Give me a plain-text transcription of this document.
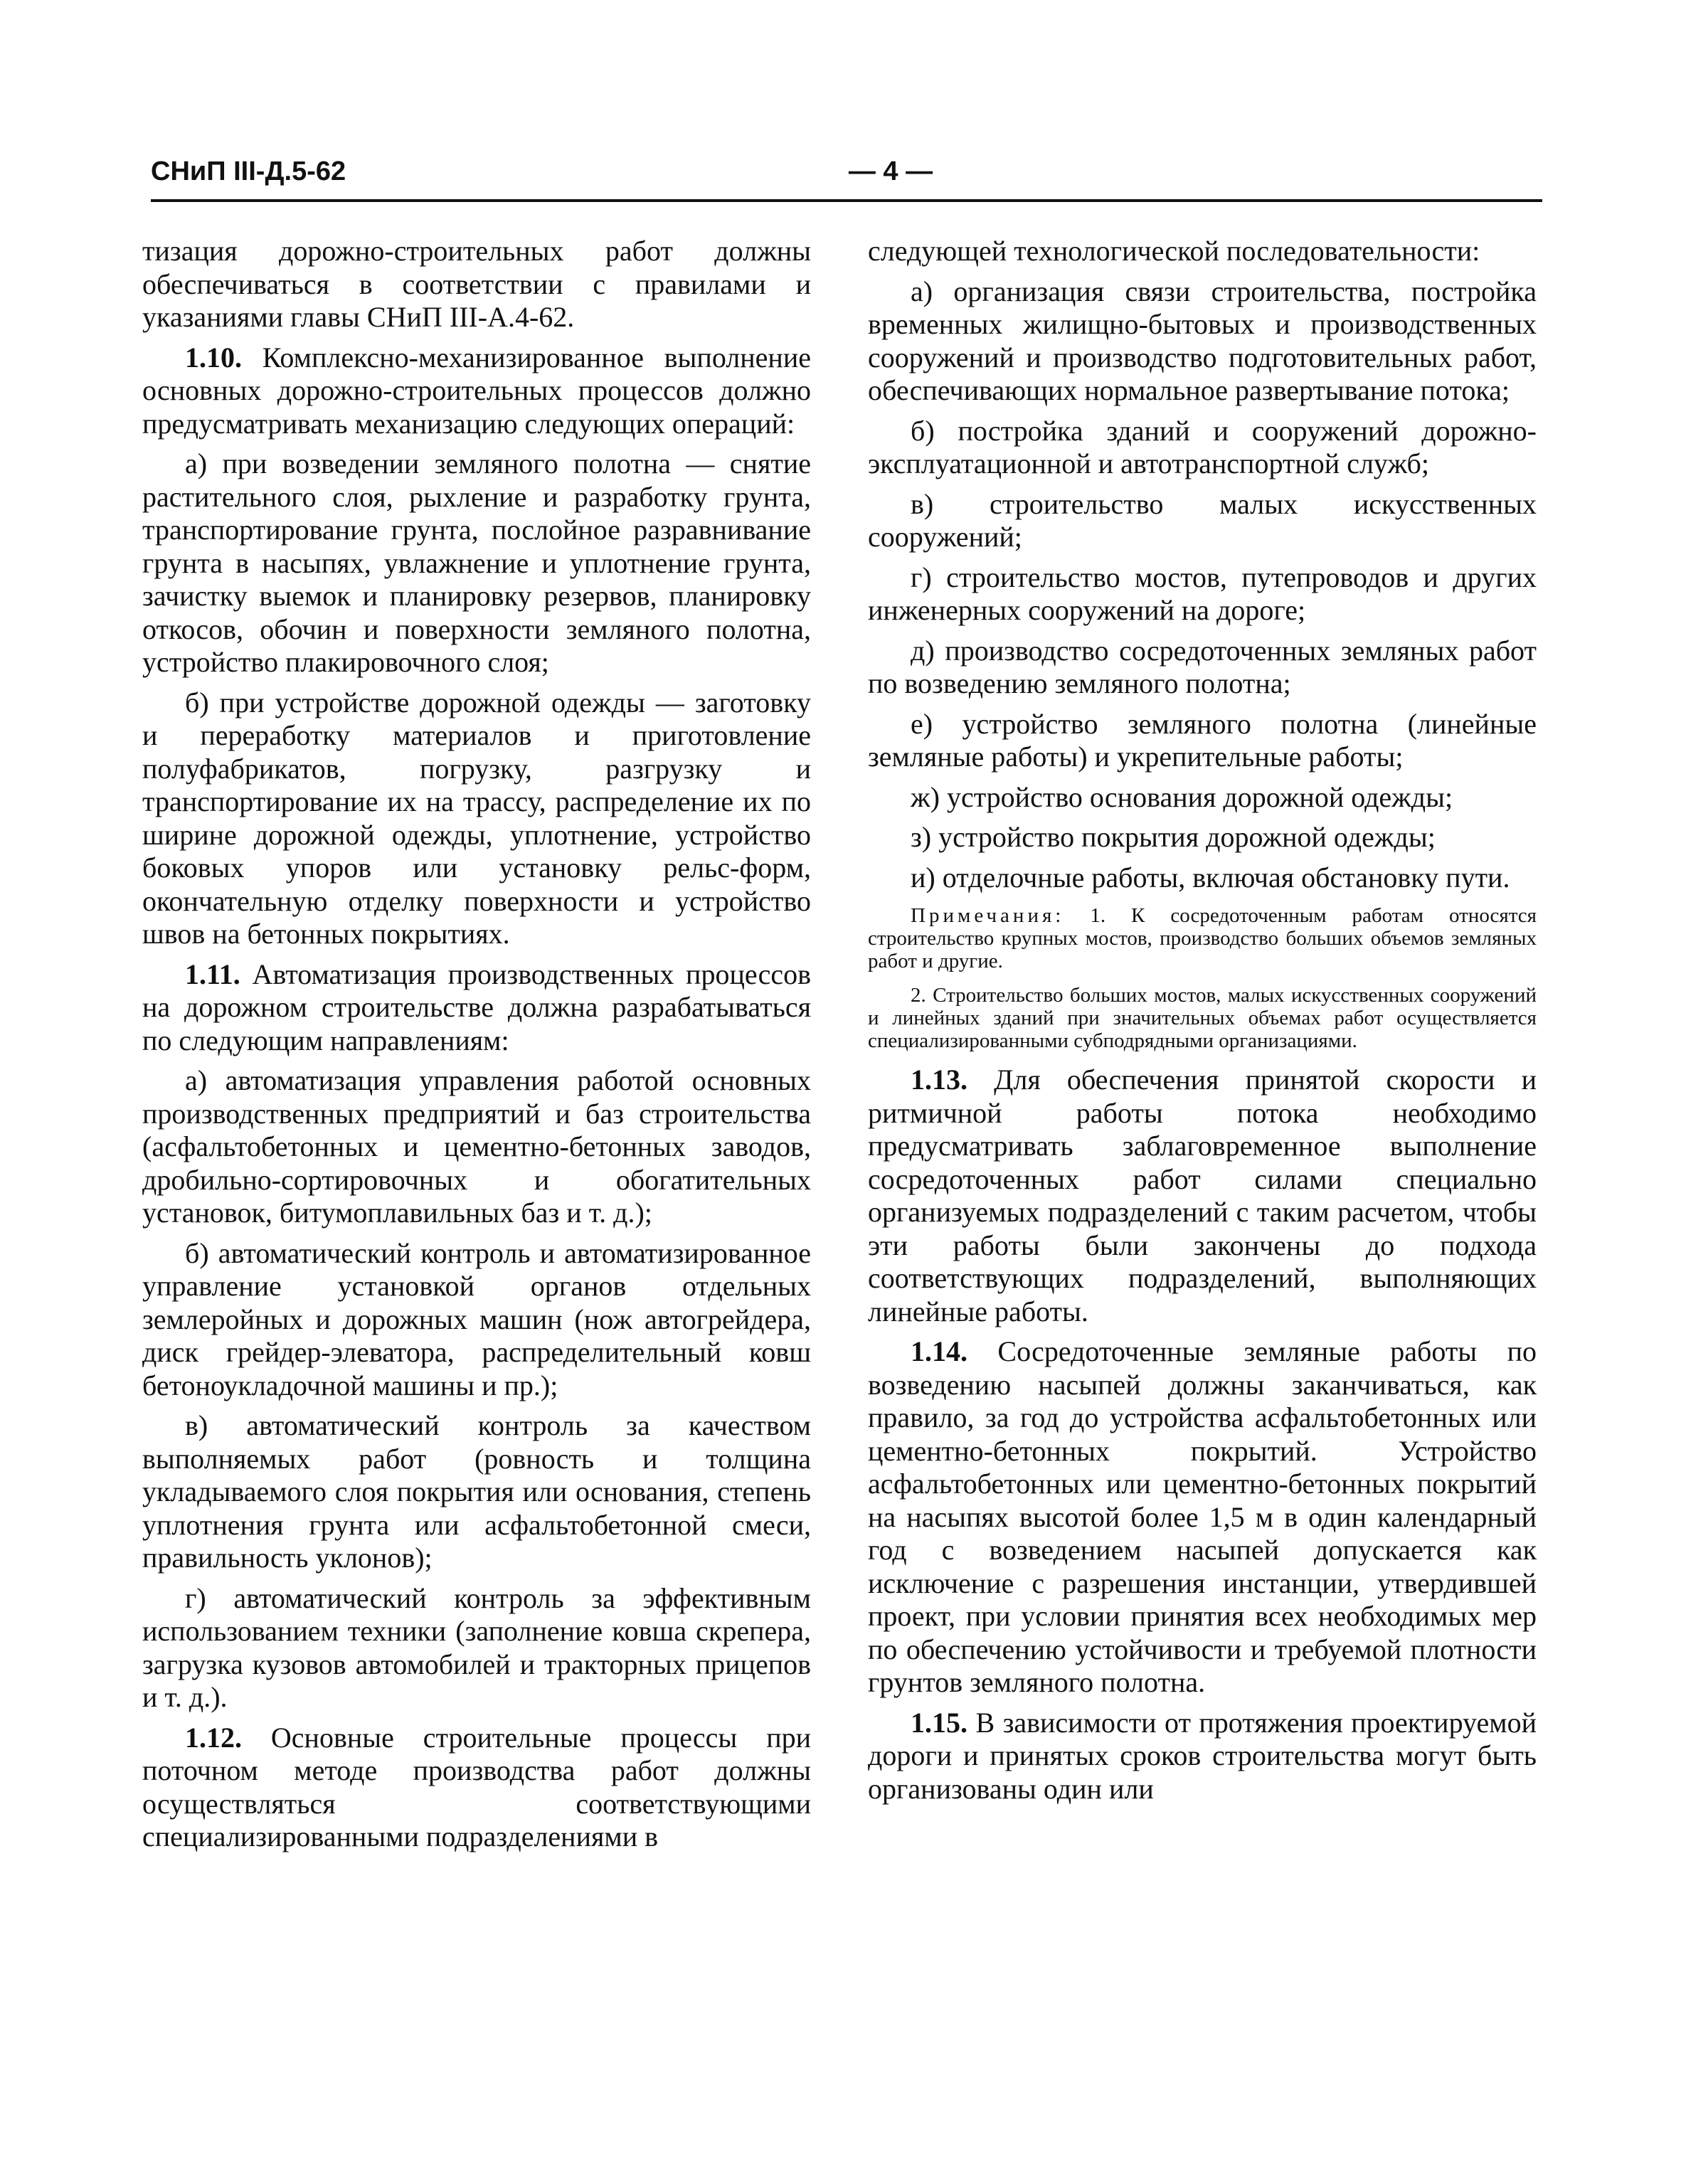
СНиП III-Д.5-62	— 4 —

тизация дорожно-строительных работ должны обеспечиваться в соответствии с правилами и указаниями главы СНиП III-А.4-62.

1.10. Комплексно-механизированное выполнение основных дорожно-строительных процессов должно предусматривать механизацию следующих операций:

а) при возведении земляного полотна — снятие растительного слоя, рыхление и разработку грунта, транспортирование грунта, послойное разравнивание грунта в насыпях, увлажнение и уплотнение грунта, зачистку выемок и планировку резервов, планировку откосов, обочин и поверхности земляного полотна, устройство плакировочного слоя;

б) при устройстве дорожной одежды — заготовку и переработку материалов и приготовление полуфабрикатов, погрузку, разгрузку и транспортирование их на трассу, распределение их по ширине дорожной одежды, уплотнение, устройство боковых упоров или установку рельс-форм, окончательную отделку поверхности и устройство швов на бетонных покрытиях.

1.11. Автоматизация производственных процессов на дорожном строительстве должна разрабатываться по следующим направлениям:

а) автоматизация управления работой основных производственных предприятий и баз строительства (асфальтобетонных и цементно-бетонных заводов, дробильно-сортировочных и обогатительных установок, битумоплавильных баз и т. д.);

б) автоматический контроль и автоматизированное управление установкой органов отдельных землеройных и дорожных машин (нож автогрейдера, диск грейдер-элеватора, распределительный ковш бетоноукладочной машины и пр.);

в) автоматический контроль за качеством выполняемых работ (ровность и толщина укладываемого слоя покрытия или основания, степень уплотнения грунта или асфальтобетонной смеси, правильность уклонов);

г) автоматический контроль за эффективным использованием техники (заполнение ковша скрепера, загрузка кузовов автомобилей и тракторных прицепов и т. д.).

1.12. Основные строительные процессы при поточном методе производства работ должны осуществляться соответствующими специализированными подразделениями в

следующей технологической последовательности:

а) организация связи строительства, постройка временных жилищно-бытовых и производственных сооружений и производство подготовительных работ, обеспечивающих нормальное развертывание потока;

б) постройка зданий и сооружений дорожно-эксплуатационной и автотранспортной служб;

в) строительство малых искусственных сооружений;

г) строительство мостов, путепроводов и других инженерных сооружений на дороге;

д) производство сосредоточенных земляных работ по возведению земляного полотна;

е) устройство земляного полотна (линейные земляные работы) и укрепительные работы;

ж) устройство основания дорожной одежды;

з) устройство покрытия дорожной одежды;

и) отделочные работы, включая обстановку пути.

Примечания: 1. К сосредоточенным работам относятся строительство крупных мостов, производство больших объемов земляных работ и другие.
2. Строительство больших мостов, малых искусственных сооружений и линейных зданий при значительных объемах работ осуществляется специализированными субподрядными организациями.

1.13. Для обеспечения принятой скорости и ритмичной работы потока необходимо предусматривать заблаговременное выполнение сосредоточенных работ силами специально организуемых подразделений с таким расчетом, чтобы эти работы были закончены до подхода соответствующих подразделений, выполняющих линейные работы.

1.14. Сосредоточенные земляные работы по возведению насыпей должны заканчиваться, как правило, за год до устройства асфальтобетонных или цементно-бетонных покрытий. Устройство асфальтобетонных или цементно-бетонных покрытий на насыпях высотой более 1,5 м в один календарный год с возведением насыпей допускается как исключение с разрешения инстанции, утвердившей проект, при условии принятия всех необходимых мер по обеспечению устойчивости и требуемой плотности грунтов земляного полотна.

1.15. В зависимости от протяжения проектируемой дороги и принятых сроков строительства могут быть организованы один или
